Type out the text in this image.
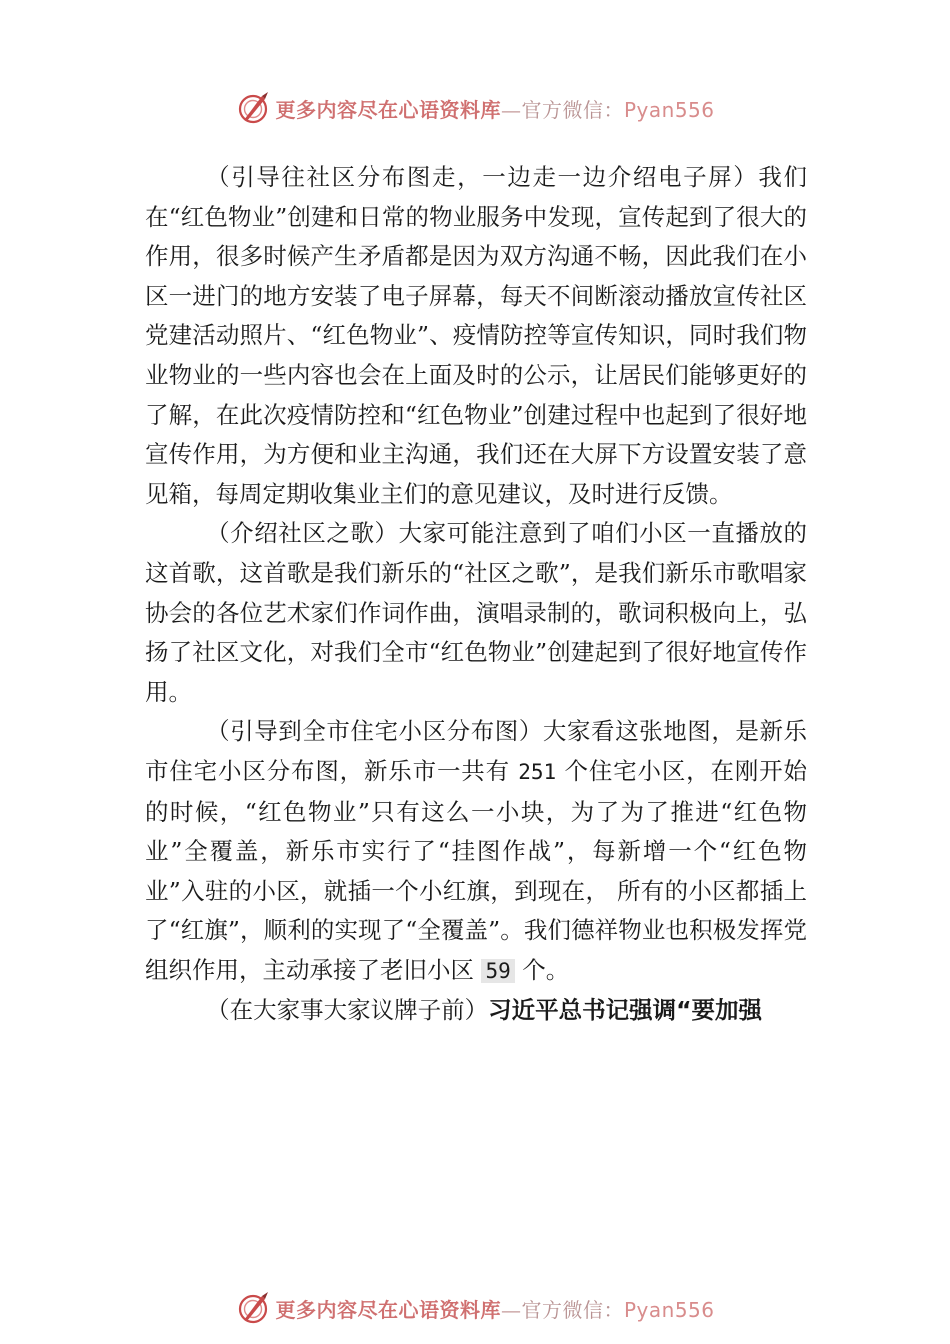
更多内容尽在心语资料库—官方微信：Pyan556

（引导往社区分布图走，一边走一边介绍电子屏）我们在“红色物业”创建和日常的物业服务中发现，宣传起到了很大的作用，很多时候产生矛盾都是因为双方沟通不畅，因此我们在小区一进门的地方安装了电子屏幕，每天不间断滚动播放宣传社区党建活动照片、“红色物业”、疫情防控等宣传知识，同时我们物业物业的一些内容也会在上面及时的公示，让居民们能够更好的了解，在此次疫情防控和“红色物业”创建过程中也起到了很好地宣传作用，为方便和业主沟通，我们还在大屏下方设置安装了意见箱，每周定期收集业主们的意见建议，及时进行反馈。

（介绍社区之歌）大家可能注意到了咱们小区一直播放的这首歌，这首歌是我们新乐的“社区之歌”，是我们新乐市歌唱家协会的各位艺术家们作词作曲，演唱录制的，歌词积极向上，弘扬了社区文化，对我们全市“红色物业”创建起到了很好地宣传作用。

（引导到全市住宅小区分布图）大家看这张地图，是新乐市住宅小区分布图，新乐市一共有 251 个住宅小区，在刚开始的时候，“红色物业”只有这么一小块，为了为了推进“红色物业”全覆盖，新乐市实行了“挂图作战”，每新增一个“红色物业”入驻的小区，就插一个小红旗，到现在， 所有的小区都插上了“红旗”，顺利的实现了“全覆盖”。我们德祥物业也积极发挥党组织作用，主动承接了老旧小区 59 个。

（在大家事大家议牌子前）习近平总书记强调“要加强

更多内容尽在心语资料库—官方微信：Pyan556
